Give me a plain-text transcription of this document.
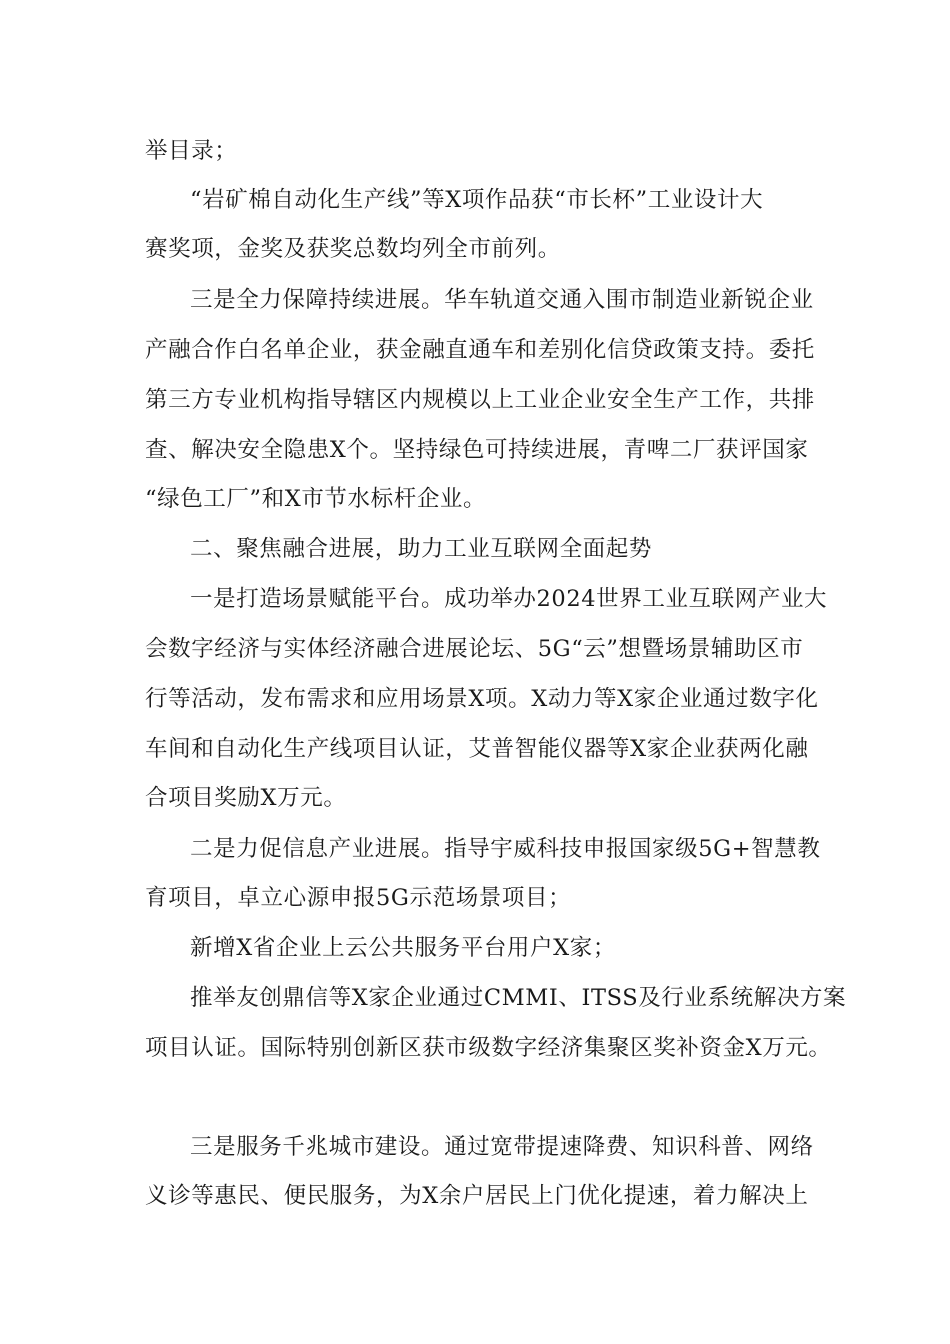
举目录；

“岩矿棉自动化生产线”等X项作品获“市长杯”工业设计大

赛奖项，金奖及获奖总数均列全市前列。

三是全力保障持续进展。华车轨道交通入围市制造业新锐企业

产融合作白名单企业，获金融直通车和差别化信贷政策支持。委托

第三方专业机构指导辖区内规模以上工业企业安全生产工作，共排

查、解决安全隐患X个。坚持绿色可持续进展，青啤二厂获评国家

“绿色工厂”和X市节水标杆企业。

二、聚焦融合进展，助力工业互联网全面起势

一是打造场景赋能平台。成功举办2024世界工业互联网产业大

会数字经济与实体经济融合进展论坛、5G“云”想暨场景辅助区市

行等活动，发布需求和应用场景X项。X动力等X家企业通过数字化

车间和自动化生产线项目认证，艾普智能仪器等X家企业获两化融

合项目奖励X万元。

二是力促信息产业进展。指导宇威科技申报国家级5G+智慧教

育项目，卓立心源申报5G示范场景项目；

新增X省企业上云公共服务平台用户X家；

推举友创鼎信等X家企业通过CMMI、ITSS及行业系统解决方案

项目认证。国际特别创新区获市级数字经济集聚区奖补资金X万元。

三是服务千兆城市建设。通过宽带提速降费、知识科普、网络

义诊等惠民、便民服务，为X余户居民上门优化提速，着力解决上
